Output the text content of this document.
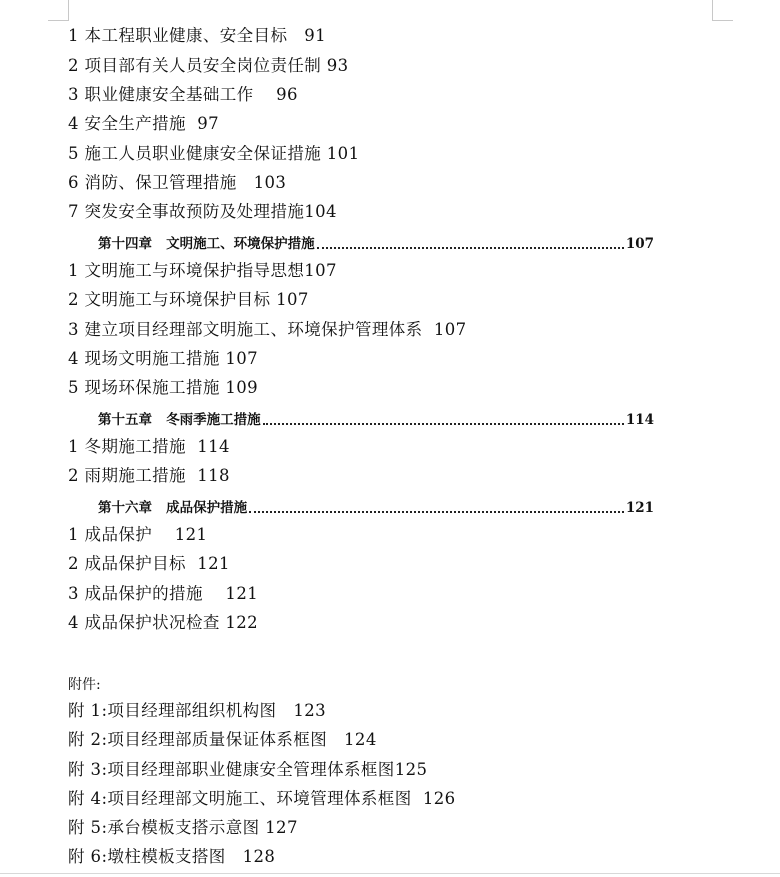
1 本工程职业健康、安全目标   91
2 项目部有关人员安全岗位责任制 93
3 职业健康安全基础工作    96
4 安全生产措施  97
5 施工人员职业健康安全保证措施 101
6 消防、保卫管理措施   103
7 突发安全事故预防及处理措施104
第十四章   文明施工、环境保护措施	107
1 文明施工与环境保护指导思想107
2 文明施工与环境保护目标 107
3 建立项目经理部文明施工、环境保护管理体系  107
4 现场文明施工措施 107
5 现场环保施工措施 109
第十五章   冬雨季施工措施	114
1 冬期施工措施  114
2 雨期施工措施  118
第十六章   成品保护措施	121
1 成品保护    121
2 成品保护目标  121
3 成品保护的措施    121
4 成品保护状况检查 122
附件:
附 1:项目经理部组织机构图   123
附 2:项目经理部质量保证体系框图   124
附 3:项目经理部职业健康安全管理体系框图125
附 4:项目经理部文明施工、环境管理体系框图  126
附 5:承台模板支搭示意图 127
附 6:墩柱模板支搭图   128
